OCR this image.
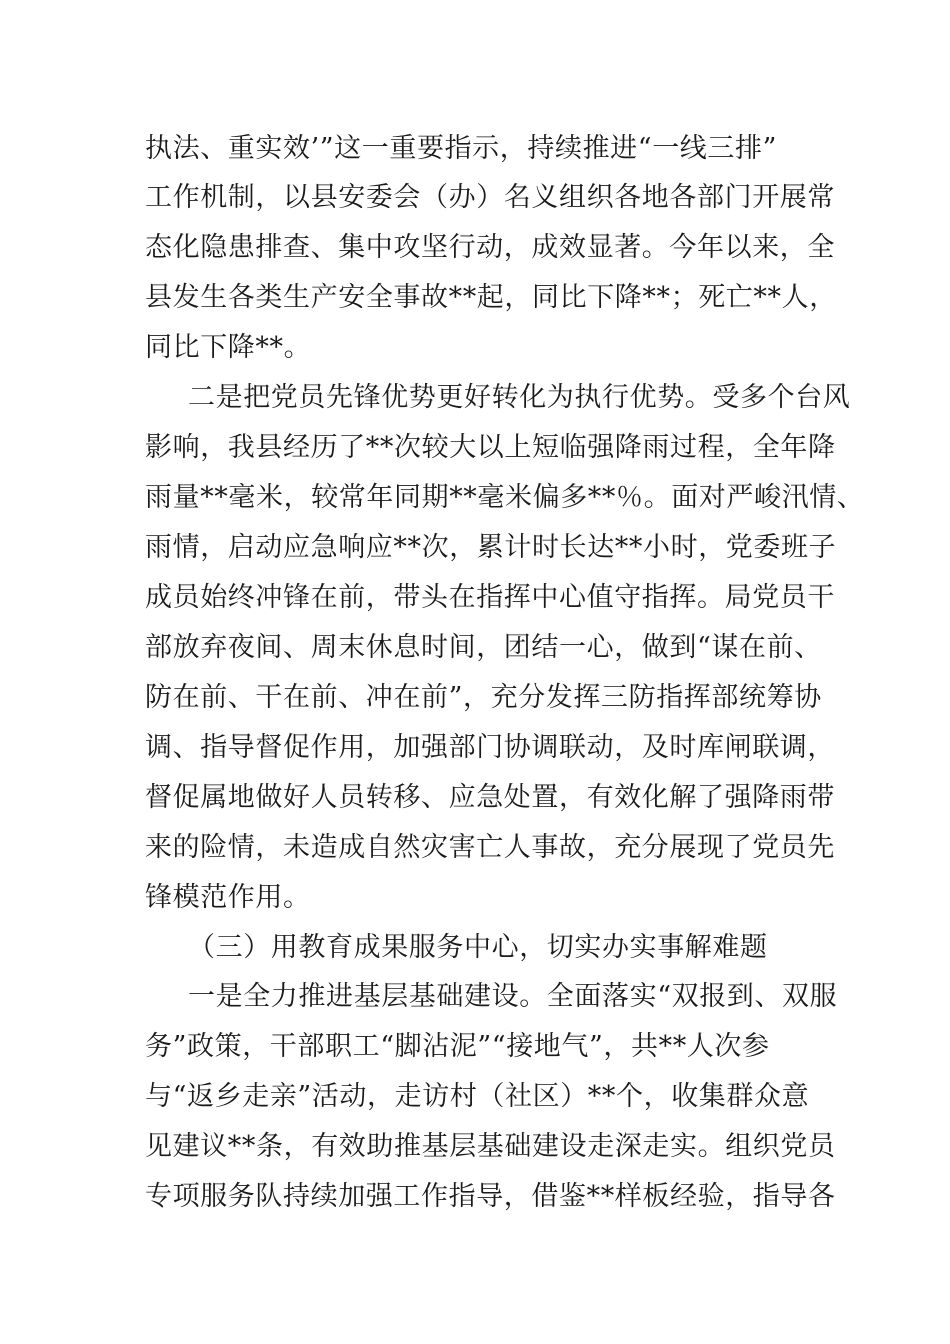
执法、重实效’”这一重要指示，持续推进“一线三排”
工作机制，以县安委会（办）名义组织各地各部门开展常
态化隐患排查、集中攻坚行动，成效显著。今年以来，全
县发生各类生产安全事故**起，同比下降**；死亡**人，
同比下降**。
二是把党员先锋优势更好转化为执行优势。受多个台风
影响，我县经历了**次较大以上短临强降雨过程，全年降
雨量**毫米，较常年同期**毫米偏多**％。面对严峻汛情、
雨情，启动应急响应**次，累计时长达**小时，党委班子
成员始终冲锋在前，带头在指挥中心值守指挥。局党员干
部放弃夜间、周末休息时间，团结一心，做到“谋在前、
防在前、干在前、冲在前”，充分发挥三防指挥部统筹协
调、指导督促作用，加强部门协调联动，及时库闸联调，
督促属地做好人员转移、应急处置，有效化解了强降雨带
来的险情，未造成自然灾害亡人事故，充分展现了党员先
锋模范作用。
（三）用教育成果服务中心，切实办实事解难题
一是全力推进基层基础建设。全面落实“双报到、双服
务”政策，干部职工“脚沾泥”“接地气”，共**人次参
与“返乡走亲”活动，走访村（社区）**个，收集群众意
见建议**条，有效助推基层基础建设走深走实。组织党员
专项服务队持续加强工作指导，借鉴**样板经验，指导各
